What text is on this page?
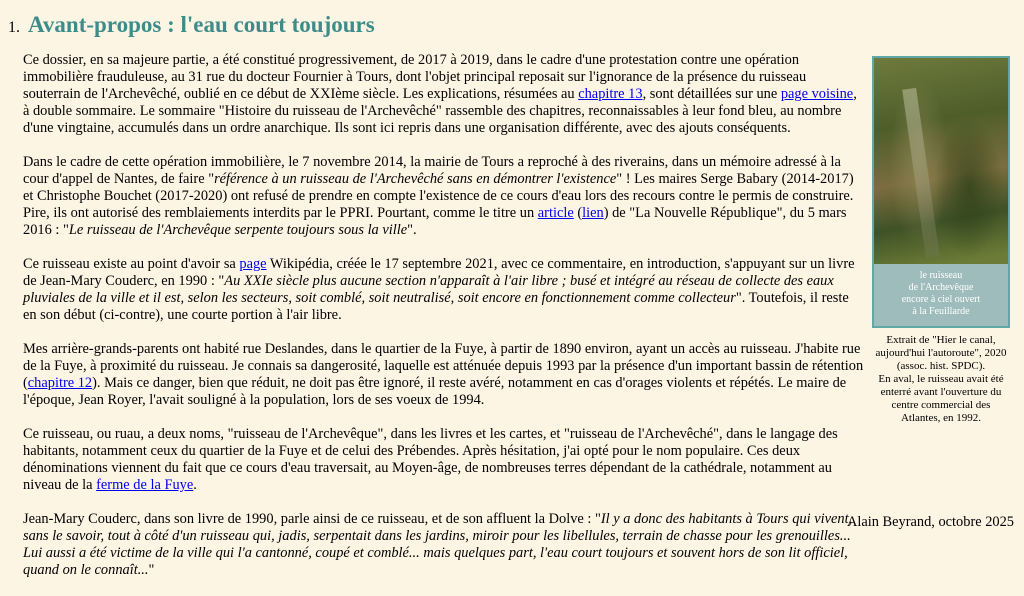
1. Avant-propos : l'eau court toujours

Ce dossier, en sa majeure partie, a été constitué progressivement, de 2017 à 2019, dans le cadre d'une protestation contre une opération immobilière frauduleuse, au 31 rue du docteur Fournier à Tours, dont l'objet principal reposait sur l'ignorance de la présence du ruisseau souterrain de l'Archevêché, oublié en ce début de XXIème siècle. Les explications, résumées au chapitre 13, sont détaillées sur une page voisine, à double sommaire. Le sommaire "Histoire du ruisseau de l'Archevêché" rassemble des chapitres, reconnaissables à leur fond bleu, au nombre d'une vingtaine, accumulés dans un ordre anarchique. Ils sont ici repris dans une organisation différente, avec des ajouts conséquents.

Dans le cadre de cette opération immobilière, le 7 novembre 2014, la mairie de Tours a reproché à des riverains, dans un mémoire adressé à la cour d'appel de Nantes, de faire "référence à un ruisseau de l'Archevêché sans en démontrer l'existence" ! Les maires Serge Babary (2014-2017) et Christophe Bouchet (2017-2020) ont refusé de prendre en compte l'existence de ce cours d'eau lors des recours contre le permis de construire. Pire, ils ont autorisé des remblaiements interdits par le PPRI. Pourtant, comme le titre un article (lien) de "La Nouvelle République", du 5 mars 2016 : "Le ruisseau de l'Archevêque serpente toujours sous la ville".

Ce ruisseau existe au point d'avoir sa page Wikipédia, créée le 17 septembre 2021, avec ce commentaire, en introduction, s'appuyant sur un livre de Jean-Mary Couderc, en 1990 : "Au XXIe siècle plus aucune section n'apparaît à l'air libre ; busé et intégré au réseau de collecte des eaux pluviales de la ville et il est, selon les secteurs, soit comblé, soit neutralisé, soit encore en fonctionnement comme collecteur". Toutefois, il reste en son début (ci-contre), une courte portion à l'air libre.

Mes arrière-grands-parents ont habité rue Deslandes, dans le quartier de la Fuye, à partir de 1890 environ, ayant un accès au ruisseau. J'habite rue de la Fuye, à proximité du ruisseau. Je connais sa dangerosité, laquelle est atténuée depuis 1993 par la présence d'un important bassin de rétention (chapitre 12). Mais ce danger, bien que réduit, ne doit pas être ignoré, il reste avéré, notamment en cas d'orages violents et répétés. Le maire de l'époque, Jean Royer, l'avait souligné à la population, lors de ses voeux de 1994.

Ce ruisseau, ou ruau, a deux noms, "ruisseau de l'Archevêque", dans les livres et les cartes, et "ruisseau de l'Archevêché", dans le langage des habitants, notamment ceux du quartier de la Fuye et de celui des Prébendes. Après hésitation, j'ai opté pour le nom populaire. Ces deux dénominations viennent du fait que ce cours d'eau traversait, au Moyen-âge, de nombreuses terres dépendant de la cathédrale, notamment au niveau de la ferme de la Fuye.

Jean-Mary Couderc, dans son livre de 1990, parle ainsi de ce ruisseau, et de son affluent la Dolve : "Il y a donc des habitants à Tours qui vivent, sans le savoir, tout à côté d'un ruisseau qui, jadis, serpentait dans les jardins, miroir pour les libellules, terrain de chasse pour les grenouilles... Lui aussi a été victime de la ville qui l'a cantonné, coupé et comblé... mais quelques part, l'eau court toujours et souvent hors de son lit officiel, quand on le connaît..."

le ruisseau
de l'Archevêque
encore à ciel ouvert
à la Feuillarde
Extrait de "Hier le canal,
aujourd'hui l'autoroute", 2020
(assoc. hist. SPDC).
En aval, le ruisseau avait été
enterré avant l'ouverture du
centre commercial des
Atlantes, en 1992.
Alain Beyrand, octobre 2025
